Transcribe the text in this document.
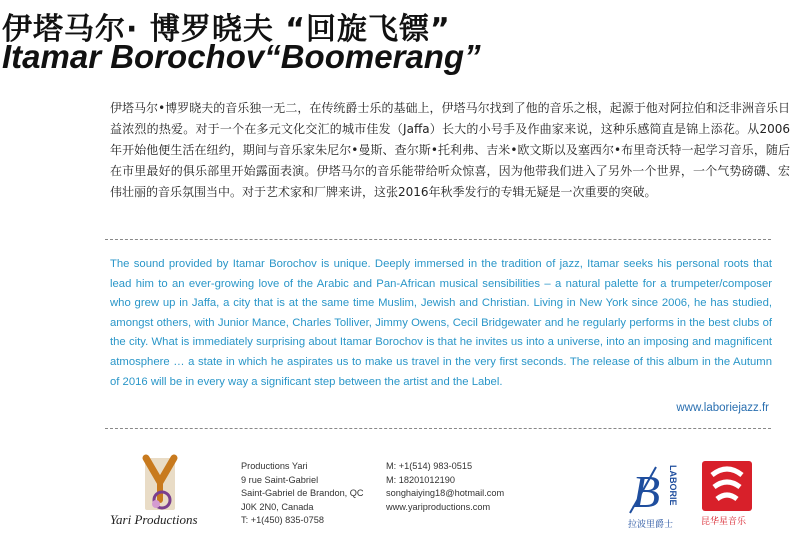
伊塔马尔· 博罗晓夫 “回旋飞镖”
Itamar Borochov“Boomerang”
伊塔马尔•博罗晓夫的音乐独一无二，在传统爵士乐的基础上，伊塔马尔找到了他的音乐之根，起源于他对阿拉伯和泛非洲音乐日益浓烈的热爱。对于一个在多元文化交汇的城市佳发（Jaffa）长大的小号手及作曲家来说，这种乐感简直是锦上添花。从2006年开始他便生活在纽约，期间与音乐家朱尼尔•曼斯、查尔斯•托利弗、吉米•欧文斯以及塞西尔•布里奇沃特一起学习音乐，随后在市里最好的俱乐部里开始露面表演。伊塔马尔的音乐能带给听众惊喜，因为他带我们进入了另外一个世界，一个气势磅礴、宏伟壮丽的音乐氛围当中。对于艺术家和厂牌来讲，这张2016年秋季发行的专辑无疑是一次重要的突破。
The sound provided by Itamar Borochov is unique. Deeply immersed in the tradition of jazz, Itamar seeks his personal roots that lead him to an ever-growing love of the Arabic and Pan-African musical sensibilities – a natural palette for a trumpeter/composer who grew up in Jaffa, a city that is at the same time Muslim, Jewish and Christian. Living in New York since 2006, he has studied, amongst others, with Junior Mance, Charles Tolliver, Jimmy Owens, Cecil Bridgewater and he regularly performs in the best clubs of the city. What is immediately surprising about Itamar Borochov is that he invites us into a universe, into an imposing and magnificent atmosphere … a state in which he aspirates us to make us travel in the very first seconds. The release of this album in the Autumn of 2016 will be in every way a significant step between the artist and the Label.
www.laboriejazz.fr
Yari Productions
Productions Yari
9 rue Saint-Gabriel
Saint-Gabriel de Brandon, QC
J0K 2N0, Canada
T: +1(450) 835-0758
M: +1(514) 983-0515
M: 18201012190
songhaiying18@hotmail.com
www.yariproductions.com	B LABORIE
拉波里爵士	昆华星音乐
